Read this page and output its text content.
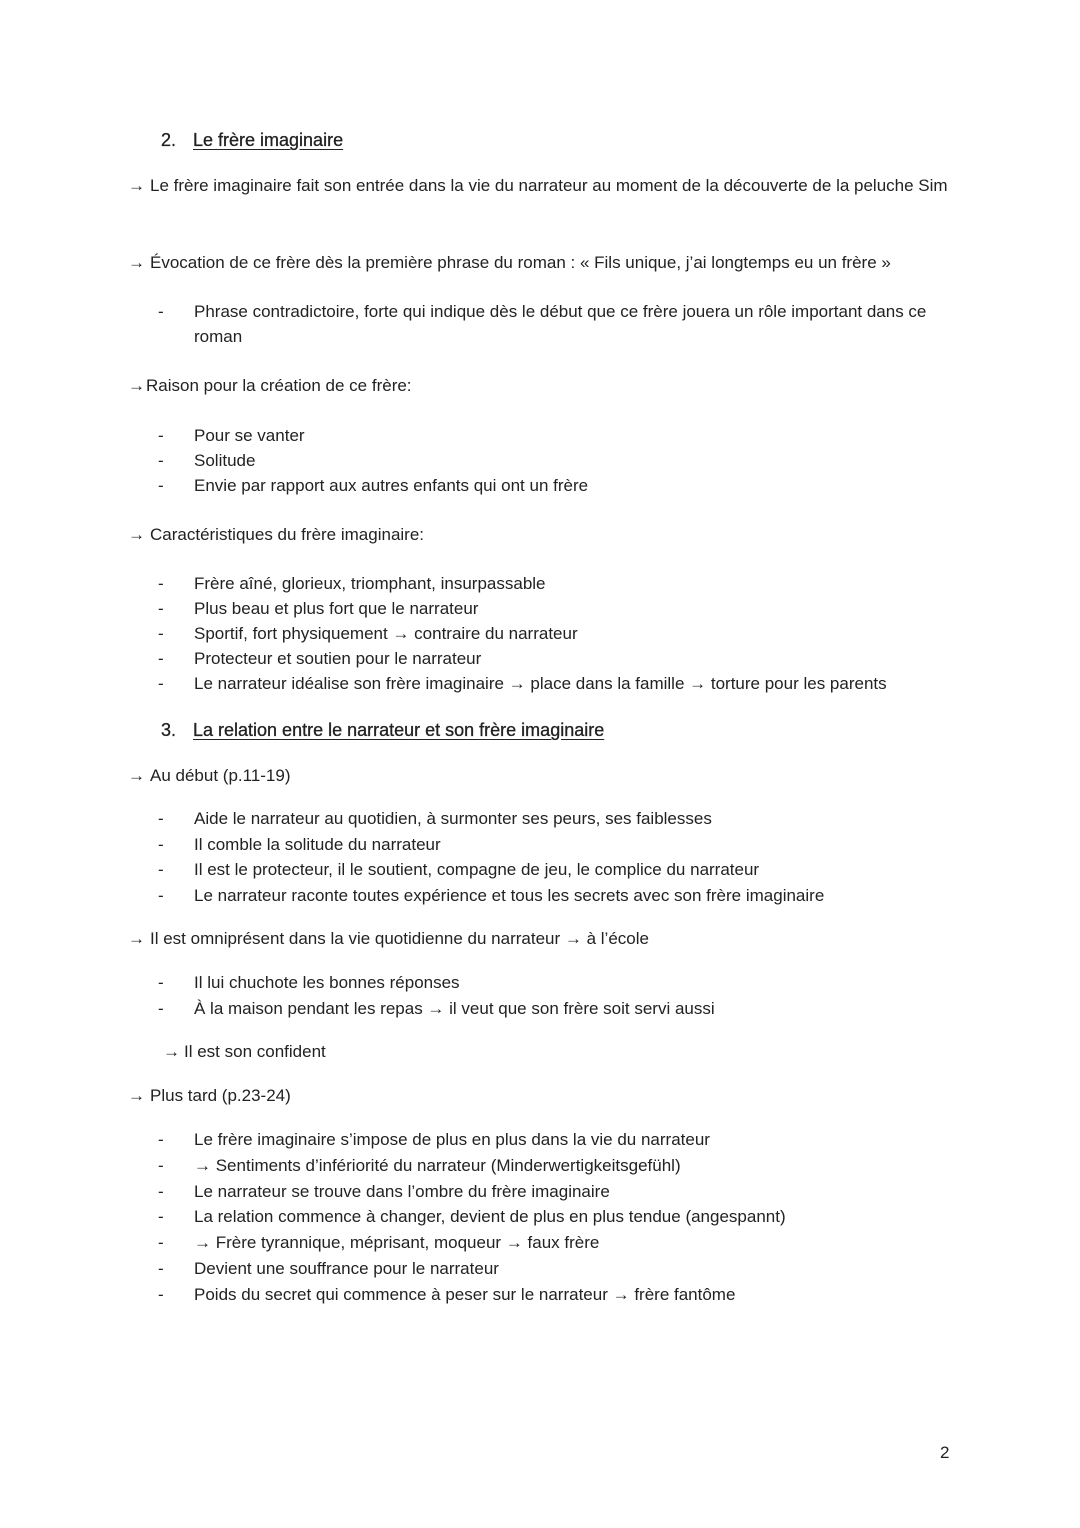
2. Le frère imaginaire
→ Le frère imaginaire fait son entrée dans la vie du narrateur au moment de la découverte de la peluche Sim
→ Évocation de ce frère dès la première phrase du roman : « Fils unique, j’ai longtemps eu un frère »
- Phrase contradictoire, forte qui indique dès le début que ce frère jouera un rôle important dans ce roman
→Raison pour la création de ce frère:
- Pour se vanter
- Solitude
- Envie par rapport aux autres enfants qui ont un frère
→ Caractéristiques du frère imaginaire:
- Frère aîné, glorieux, triomphant, insurpassable
- Plus beau et plus fort que le narrateur
- Sportif, fort physiquement → contraire du narrateur
- Protecteur et soutien pour le narrateur
- Le narrateur idéalise son frère imaginaire → place dans la famille → torture pour les parents
3. La relation entre le narrateur et son frère imaginaire
→ Au début (p.11-19)
- Aide le narrateur au quotidien, à surmonter ses peurs, ses faiblesses
- Il comble la solitude du narrateur
- Il est le protecteur, il le soutient, compagne de jeu, le complice du narrateur
- Le narrateur raconte toutes expérience et tous les secrets avec son frère imaginaire
→ Il est omniprésent dans la vie quotidienne du narrateur → à l’école
- Il lui chuchote les bonnes réponses
- À la maison pendant les repas → il veut que son frère soit servi aussi
→ Il est son confident
→ Plus tard (p.23-24)
- Le frère imaginaire s’impose de plus en plus dans la vie du narrateur
- → Sentiments d’infériorité du narrateur (Minderwertigkeitsgefühl)
- Le narrateur se trouve dans l’ombre du frère imaginaire
- La relation commence à changer, devient de plus en plus tendue (angespannt)
- → Frère tyrannique, méprisant, moqueur → faux frère
- Devient une souffrance pour le narrateur
- Poids du secret qui commence à peser sur le narrateur → frère fantôme
2
